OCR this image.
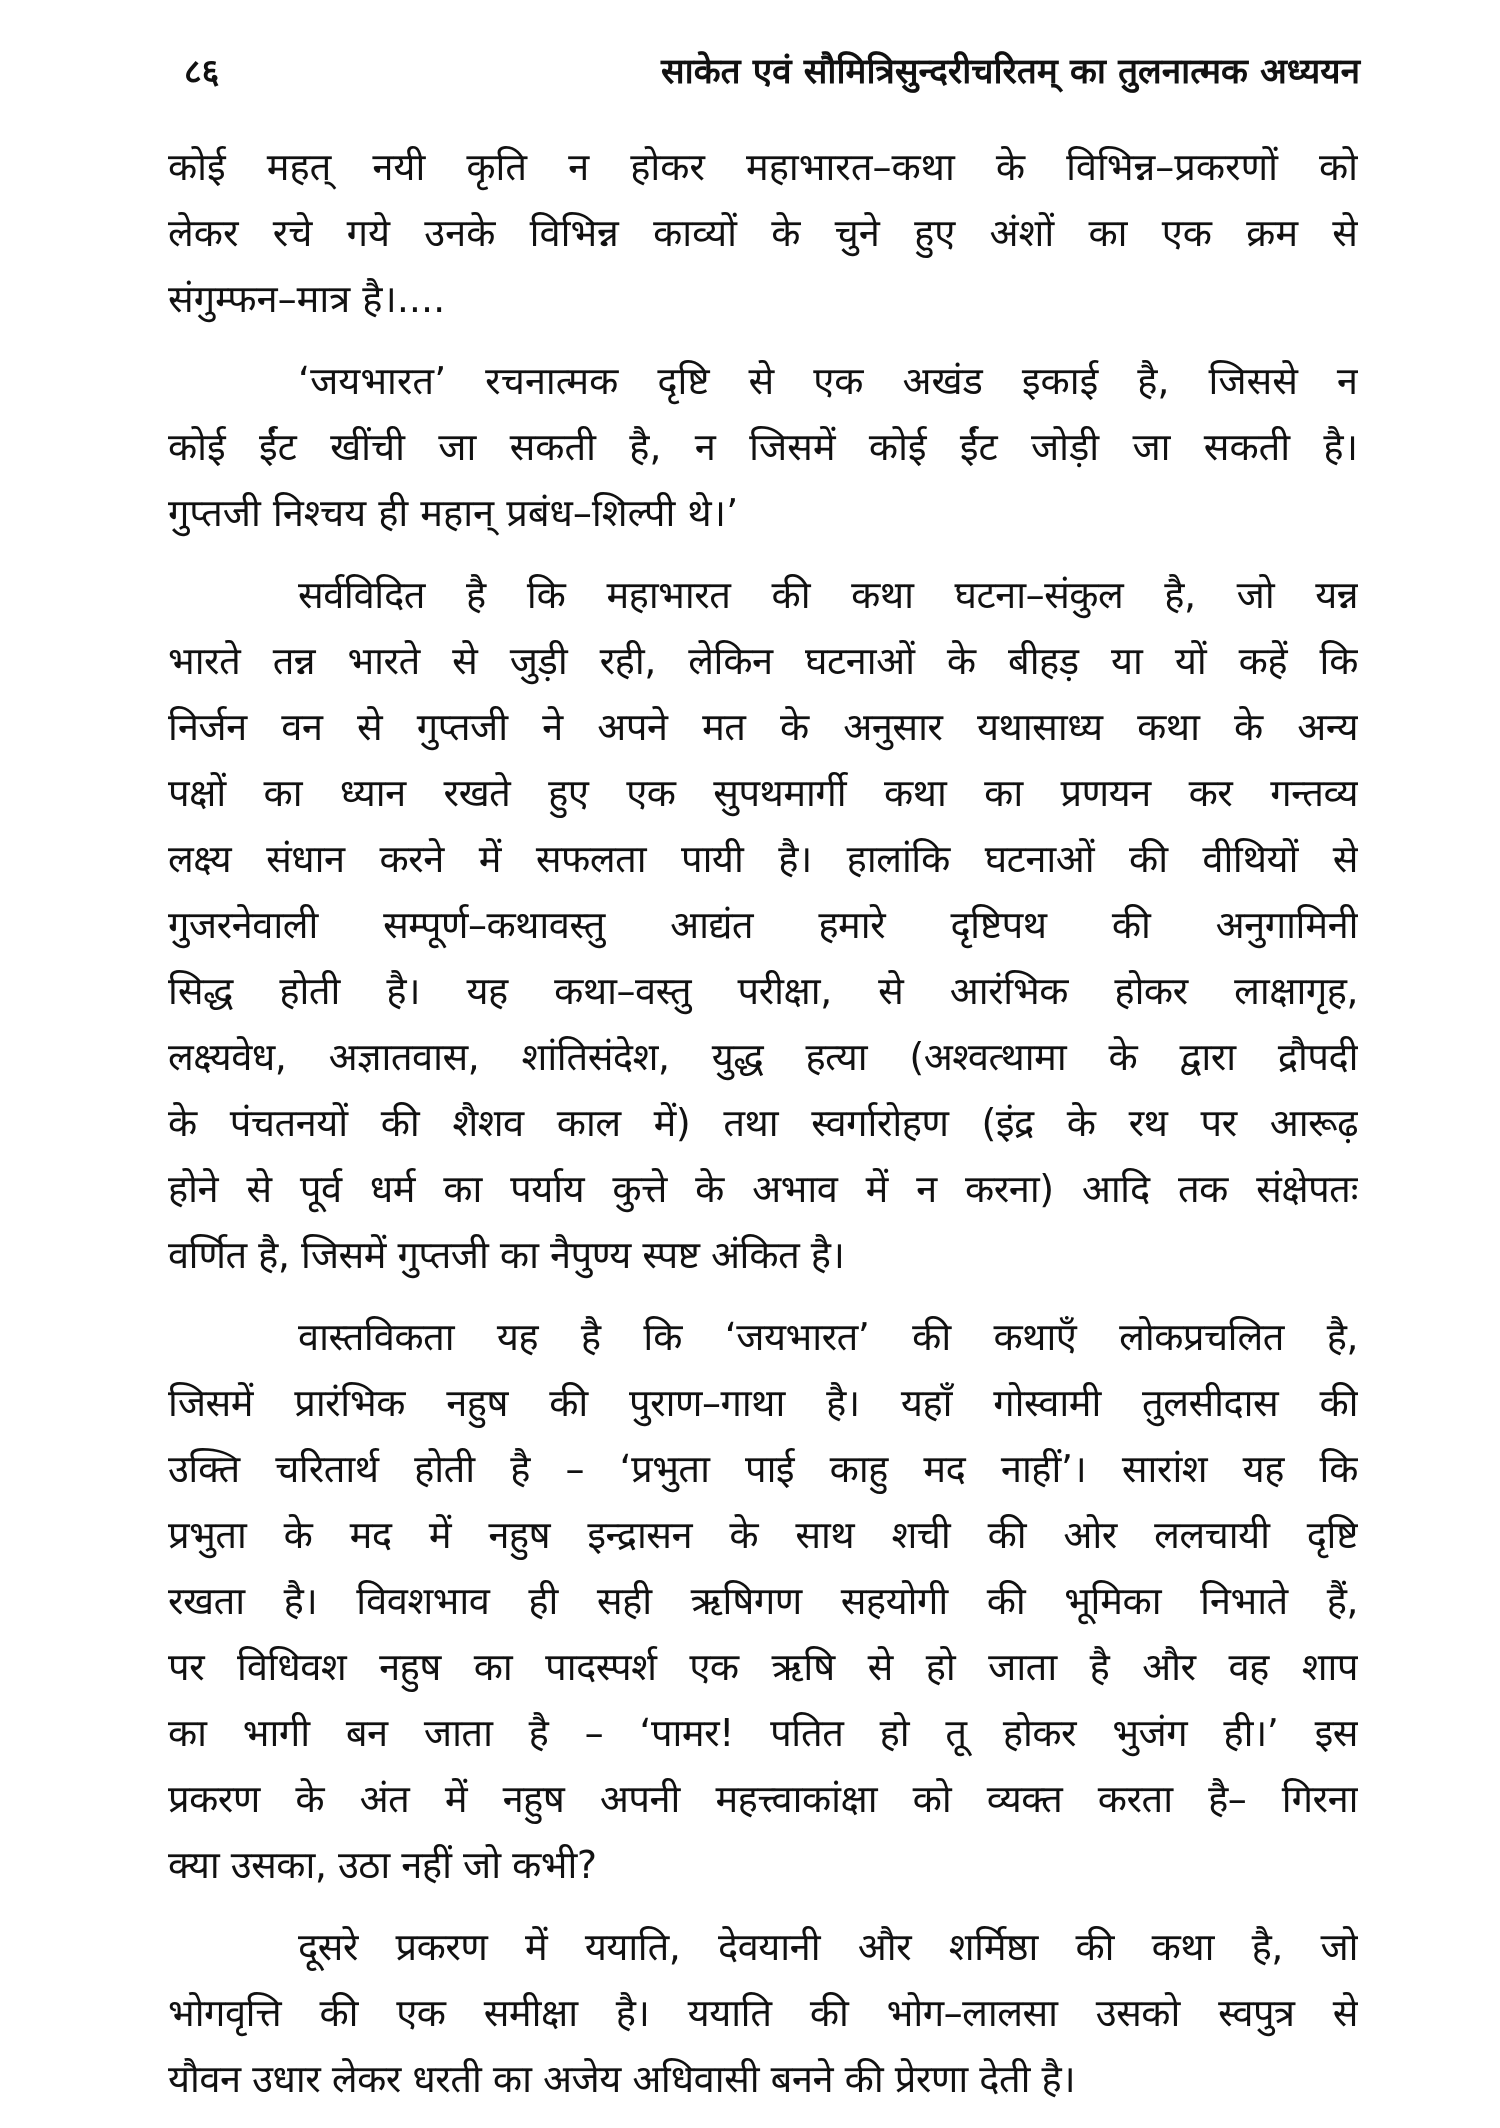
८६	साकेत एवं सौमित्रिसुन्दरीचरितम् का तुलनात्मक अध्ययन
कोई महत् नयी कृति न होकर महाभारत–कथा के विभिन्न–प्रकरणों को
लेकर रचे गये उनके विभिन्न काव्यों के चुने हुए अंशों का एक क्रम से
संगुम्फन–मात्र है।....
‘जयभारत’ रचनात्मक दृष्टि से एक अखंड इकाई है, जिससे न
कोई ईंट खींची जा सकती है, न जिसमें कोई ईंट जोड़ी जा सकती है।
गुप्तजी निश्चय ही महान् प्रबंध–शिल्पी थे।’
सर्वविदित है कि महाभारत की कथा घटना–संकुल है, जो यन्न
भारते तन्न भारते से जुड़ी रही, लेकिन घटनाओं के बीहड़ या यों कहें कि
निर्जन वन से गुप्तजी ने अपने मत के अनुसार यथासाध्य कथा के अन्य
पक्षों का ध्यान रखते हुए एक सुपथमार्गी कथा का प्रणयन कर गन्तव्य
लक्ष्य संधान करने में सफलता पायी है। हालांकि घटनाओं की वीथियों से
गुजरनेवाली सम्पूर्ण–कथावस्तु आद्यंत हमारे दृष्टिपथ की अनुगामिनी
सिद्ध होती है। यह कथा–वस्तु परीक्षा, से आरंभिक होकर लाक्षागृह,
लक्ष्यवेध, अज्ञातवास, शांतिसंदेश, युद्ध हत्या (अश्वत्थामा के द्वारा द्रौपदी
के पंचतनयों की शैशव काल में) तथा स्वर्गारोहण (इंद्र के रथ पर आरूढ़
होने से पूर्व धर्म का पर्याय कुत्ते के अभाव में न करना) आदि तक संक्षेपतः
वर्णित है, जिसमें गुप्तजी का नैपुण्य स्पष्ट अंकित है।
वास्तविकता यह है कि ‘जयभारत’ की कथाएँ लोकप्रचलित है,
जिसमें प्रारंभिक नहुष की पुराण–गाथा है। यहाँ गोस्वामी तुलसीदास की
उक्ति चरितार्थ होती है – ‘प्रभुता पाई काहु मद नाहीं’। सारांश यह कि
प्रभुता के मद में नहुष इन्द्रासन के साथ शची की ओर ललचायी दृष्टि
रखता है। विवशभाव ही सही ऋषिगण सहयोगी की भूमिका निभाते हैं,
पर विधिवश नहुष का पादस्पर्श एक ऋषि से हो जाता है और वह शाप
का भागी बन जाता है – ‘पामर! पतित हो तू होकर भुजंग ही।’ इस
प्रकरण के अंत में नहुष अपनी महत्त्वाकांक्षा को व्यक्त करता है– गिरना
क्या उसका, उठा नहीं जो कभी?
दूसरे प्रकरण में ययाति, देवयानी और शर्मिष्ठा की कथा है, जो
भोगवृत्ति की एक समीक्षा है। ययाति की भोग–लालसा उसको स्वपुत्र से
यौवन उधार लेकर धरती का अजेय अधिवासी बनने की प्रेरणा देती है।
